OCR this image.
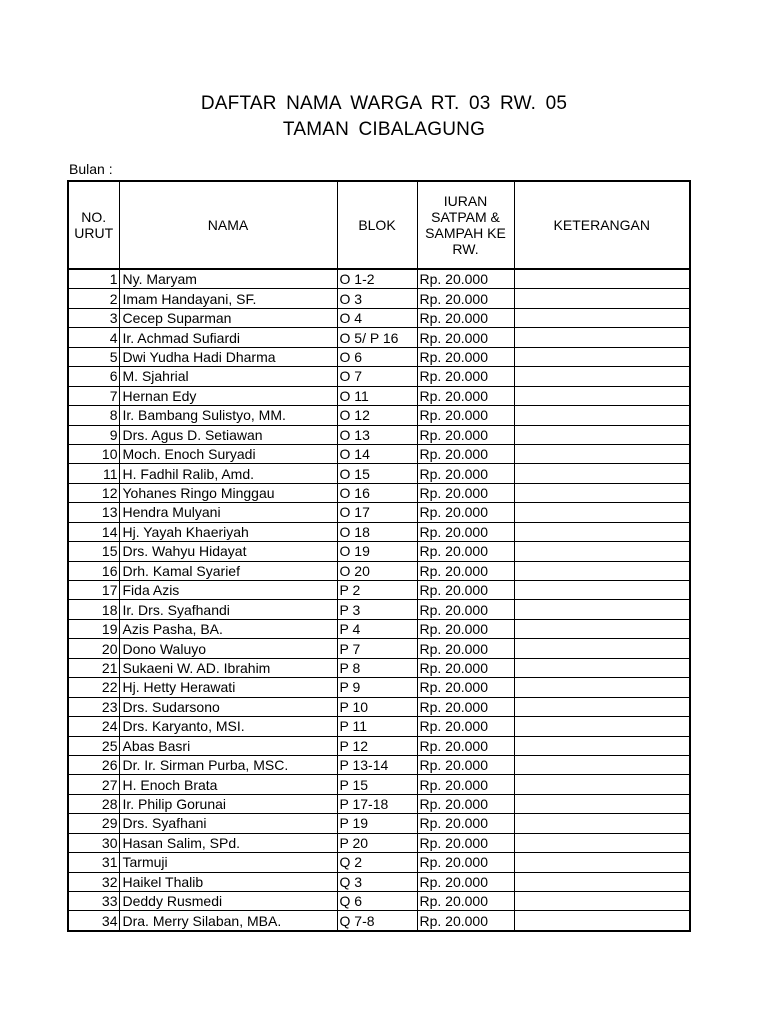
DAFTAR NAMA WARGA RT. 03 RW. 05
TAMAN CIBALAGUNG
Bulan :
NO. URUT	NAMA	BLOK	IURAN SATPAM & SAMPAH KE RW.	KETERANGAN
1	Ny. Maryam	O 1-2	Rp. 20.000	
2	Imam Handayani, SF.	O 3	Rp. 20.000	
3	Cecep Suparman	O 4	Rp. 20.000	
4	Ir. Achmad Sufiardi	O 5/ P 16	Rp. 20.000	
5	Dwi Yudha Hadi Dharma	O 6	Rp. 20.000	
6	M. Sjahrial	O 7	Rp. 20.000	
7	Hernan Edy	O 11	Rp. 20.000	
8	Ir. Bambang Sulistyo, MM.	O 12	Rp. 20.000	
9	Drs. Agus D. Setiawan	O 13	Rp. 20.000	
10	Moch. Enoch Suryadi	O 14	Rp. 20.000	
11	H. Fadhil Ralib, Amd.	O 15	Rp. 20.000	
12	Yohanes Ringo Minggau	O 16	Rp. 20.000	
13	Hendra Mulyani	O 17	Rp. 20.000	
14	Hj. Yayah Khaeriyah	O 18	Rp. 20.000	
15	Drs. Wahyu Hidayat	O 19	Rp. 20.000	
16	Drh. Kamal Syarief	O 20	Rp. 20.000	
17	Fida Azis	P 2	Rp. 20.000	
18	Ir. Drs. Syafhandi	P 3	Rp. 20.000	
19	Azis Pasha, BA.	P 4	Rp. 20.000	
20	Dono Waluyo	P 7	Rp. 20.000	
21	Sukaeni W. AD. Ibrahim	P 8	Rp. 20.000	
22	Hj. Hetty Herawati	P 9	Rp. 20.000	
23	Drs. Sudarsono	P 10	Rp. 20.000	
24	Drs. Karyanto, MSI.	P 11	Rp. 20.000	
25	Abas Basri	P 12	Rp. 20.000	
26	Dr. Ir. Sirman Purba, MSC.	P 13-14	Rp. 20.000	
27	H. Enoch Brata	P 15	Rp. 20.000	
28	Ir. Philip Gorunai	P 17-18	Rp. 20.000	
29	Drs. Syafhani	P 19	Rp. 20.000	
30	Hasan Salim, SPd.	P 20	Rp. 20.000	
31	Tarmuji	Q 2	Rp. 20.000	
32	Haikel Thalib	Q 3	Rp. 20.000	
33	Deddy Rusmedi	Q 6	Rp. 20.000	
34	Dra. Merry Silaban, MBA.	Q 7-8	Rp. 20.000	
